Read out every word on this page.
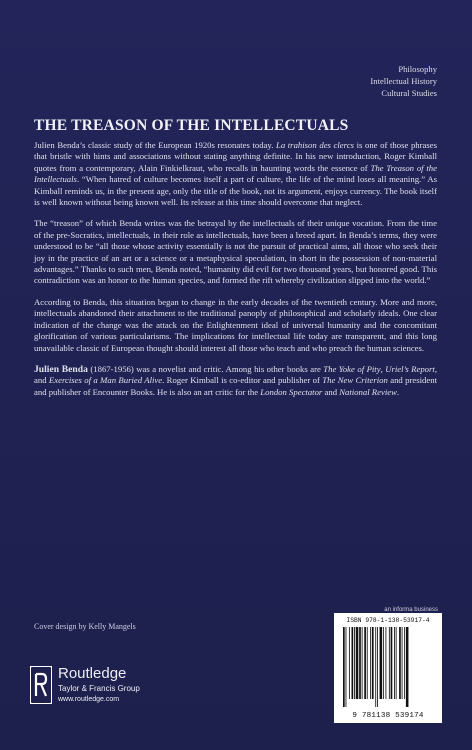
Philosophy
Intellectual History
Cultural Studies
THE TREASON OF THE INTELLECTUALS

Julien Benda’s classic study of the European 1920s resonates today. La trahison des clercs is one of those phrases that bristle with hints and associations without stating anything definite. In his new introduction, Roger Kimball quotes from a contemporary, Alain Finkielkraut, who recalls in haunting words the essence of The Treason of the Intellectuals. “When hatred of culture becomes itself a part of culture, the life of the mind loses all meaning.” As Kimball reminds us, in the present age, only the title of the book, not its argument, enjoys currency. The book itself is well known without being known well. Its release at this time should overcome that neglect.

The “treason” of which Benda writes was the betrayal by the intellectuals of their unique vocation. From the time of the pre-Socratics, intellectuals, in their role as intellectuals, have been a breed apart. In Benda’s terms, they were understood to be “all those whose activity essentially is not the pursuit of practical aims, all those who seek their joy in the practice of an art or a science or a metaphysical speculation, in short in the possession of non-material advantages.” Thanks to such men, Benda noted, “humanity did evil for two thousand years, but honored good. This contradiction was an honor to the human species, and formed the rift whereby civilization slipped into the world.”

According to Benda, this situation began to change in the early decades of the twentieth century. More and more, intellectuals abandoned their attachment to the traditional panoply of philosophical and scholarly ideals. One clear indication of the change was the attack on the Enlightenment ideal of universal humanity and the concomitant glorification of various particularisms. The implications for intellectual life today are transparent, and this long unavailable classic of European thought should interest all those who teach and who preach the human sciences.

Julien Benda (1867-1956) was a novelist and critic. Among his other books are The Yoke of Pity, Uriel’s Report, and Exercises of a Man Buried Alive. Roger Kimball is co-editor and publisher of The New Criterion and president and publisher of Encounter Books. He is also an art critic for the London Spectator and National Review.

an informa business
Cover design by Kelly Mangels
Routledge
Taylor & Francis Group
www.routledge.com
ISBN 978-1-138-53917-4
9 781138 539174
